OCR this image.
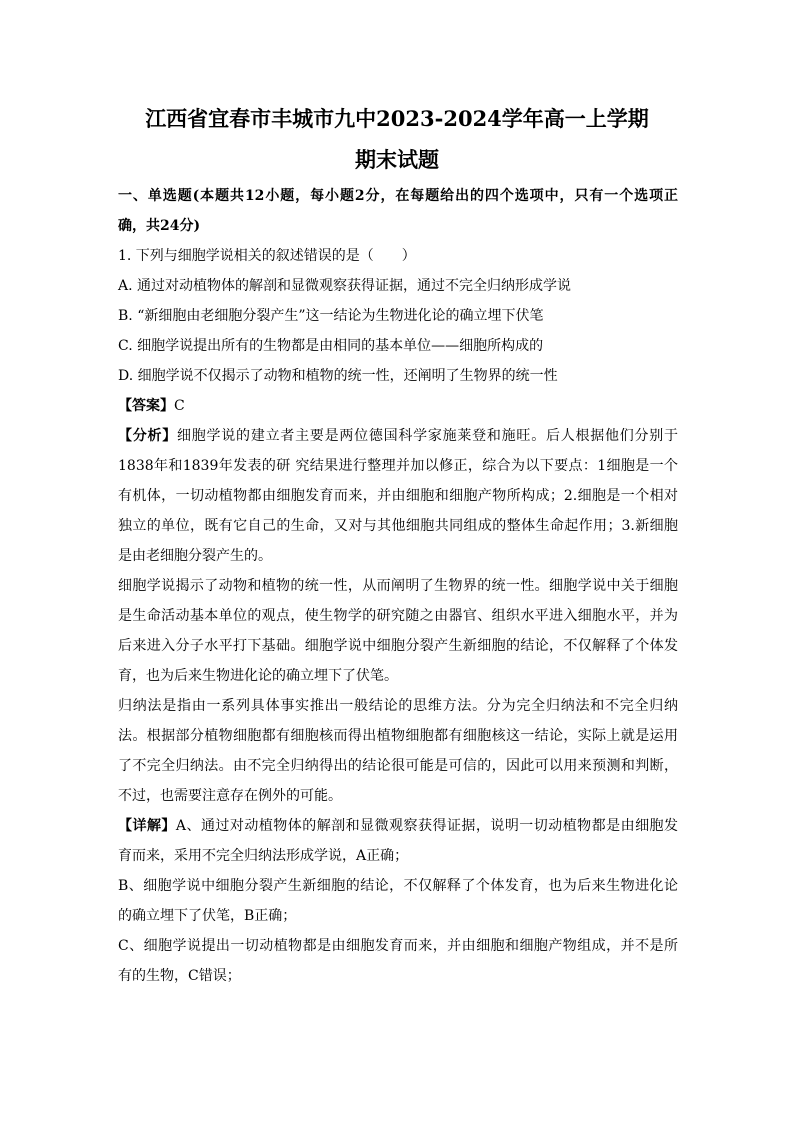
江西省宜春市丰城市九中2023-2024学年高一上学期
期末试题
一、单选题(本题共12小题，每小题2分，在每题给出的四个选项中，只有一个选项正
确，共24分)
1. 下列与细胞学说相关的叙述错误的是（　　）
A. 通过对动植物体的解剖和显微观察获得证据，通过不完全归纳形成学说
B. “新细胞由老细胞分裂产生”这一结论为生物进化论的确立埋下伏笔
C. 细胞学说提出所有的生物都是由相同的基本单位——细胞所构成的
D. 细胞学说不仅揭示了动物和植物的统一性，还阐明了生物界的统一性
【答案】C
【分析】细胞学说的建立者主要是两位德国科学家施莱登和施旺。后人根据他们分别于
1838年和1839年发表的研 究结果进行整理并加以修正，综合为以下要点：1细胞是一个
有机体，一切动植物都由细胞发育而来，并由细胞和细胞产物所构成；2.细胞是一个相对
独立的单位，既有它自己的生命，又对与其他细胞共同组成的整体生命起作用；3.新细胞
是由老细胞分裂产生的。
细胞学说揭示了动物和植物的统一性，从而阐明了生物界的统一性。细胞学说中关于细胞
是生命活动基本单位的观点，使生物学的研究随之由器官、组织水平进入细胞水平，并为
后来进入分子水平打下基础。细胞学说中细胞分裂产生新细胞的结论，不仅解释了个体发
育，也为后来生物进化论的确立埋下了伏笔。
归纳法是指由一系列具体事实推出一般结论的思维方法。分为完全归纳法和不完全归纳
法。根据部分植物细胞都有细胞核而得出植物细胞都有细胞核这一结论，实际上就是运用
了不完全归纳法。由不完全归纳得出的结论很可能是可信的，因此可以用来预测和判断，
不过，也需要注意存在例外的可能。
【详解】A、通过对动植物体的解剖和显微观察获得证据，说明一切动植物都是由细胞发
育而来，采用不完全归纳法形成学说，A正确；
B、细胞学说中细胞分裂产生新细胞的结论，不仅解释了个体发育，也为后来生物进化论
的确立埋下了伏笔，B正确；
C、细胞学说提出一切动植物都是由细胞发育而来，并由细胞和细胞产物组成，并不是所
有的生物，C错误；
